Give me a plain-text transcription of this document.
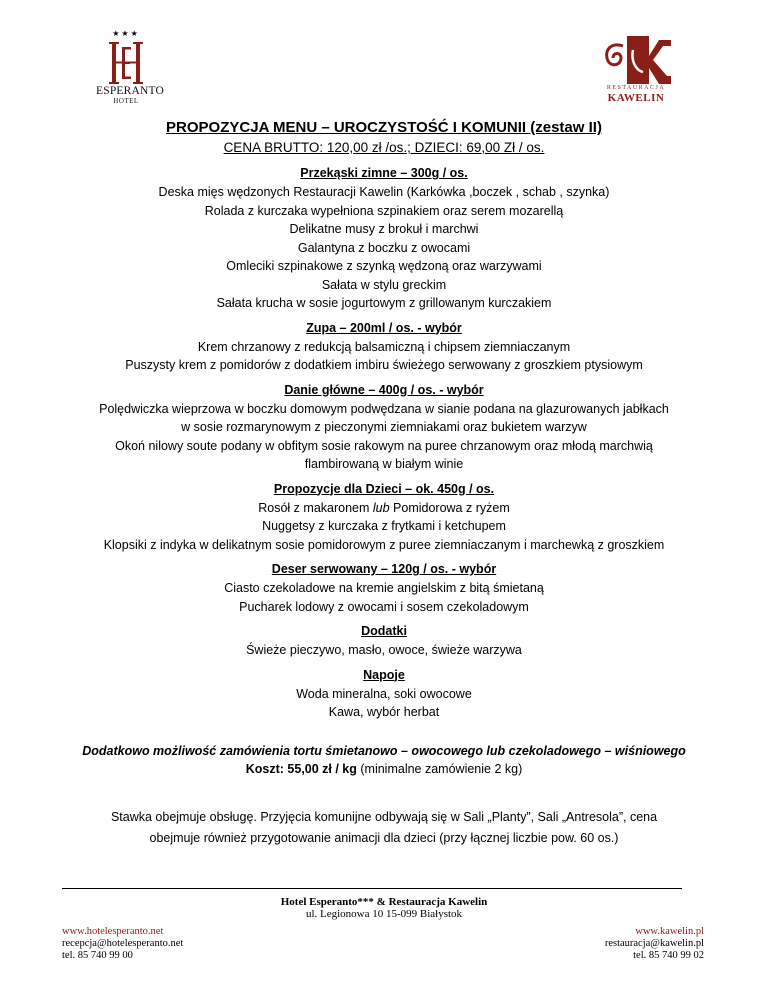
★★★
ESPERANTO
HOTEL
RESTAURACJA
KAWELIN
PROPOZYCJA MENU – UROCZYSTOŚĆ I KOMUNII (zestaw II)
CENA BRUTTO: 120,00 zł /os.; DZIECI: 69,00 Zł / os.
Przekąski zimne – 300g / os.
Deska mięs wędzonych Restauracji Kawelin (Karkówka ,boczek , schab , szynka)
Rolada z kurczaka wypełniona szpinakiem oraz serem mozarellą
Delikatne musy z brokuł i marchwi
Galantyna z boczku z owocami
Omleciki szpinakowe z szynką wędzoną oraz warzywami
Sałata w stylu greckim
Sałata krucha w sosie jogurtowym z grillowanym kurczakiem
Zupa – 200ml / os. - wybór
Krem chrzanowy z redukcją balsamiczną i chipsem ziemniaczanym
Puszysty krem z pomidorów z dodatkiem imbiru świeżego serwowany z groszkiem ptysiowym
Danie główne – 400g / os. - wybór
Polędwiczka wieprzowa w boczku domowym podwędzana w sianie podana na glazurowanych jabłkach
w sosie rozmarynowym z pieczonymi ziemniakami oraz bukietem warzyw
Okoń nilowy soute podany w obfitym sosie rakowym na puree chrzanowym oraz młodą marchwią
flambirowaną w białym winie
Propozycje dla Dzieci – ok. 450g / os.
Rosół z makaronem lub Pomidorowa z ryżem
Nuggetsy z kurczaka z frytkami i ketchupem
Klopsiki z indyka w delikatnym sosie pomidorowym z puree ziemniaczanym i marchewką z groszkiem
Deser serwowany – 120g / os. - wybór
Ciasto czekoladowe na kremie angielskim z bitą śmietaną
Pucharek lodowy z owocami i sosem czekoladowym
Dodatki
Świeże pieczywo, masło, owoce, świeże warzywa
Napoje
Woda mineralna, soki owocowe
Kawa, wybór herbat
Dodatkowo możliwość zamówienia tortu śmietanowo – owocowego lub czekoladowego – wiśniowego
Koszt: 55,00 zł / kg (minimalne zamówienie 2 kg)
Stawka obejmuje obsługę. Przyjęcia komunijne odbywają się w Sali „Planty”, Sali „Antresola”, cena
obejmuje również przygotowanie animacji dla dzieci (przy łącznej liczbie pow. 60 os.)
Hotel Esperanto*** & Restauracja Kawelin
ul. Legionowa 10 15-099 Białystok
www.hotelesperanto.net
recepcja@hotelesperanto.net
tel. 85 740 99 00
www.kawelin.pl
restauracja@kawelin.pl
tel. 85 740 99 02
